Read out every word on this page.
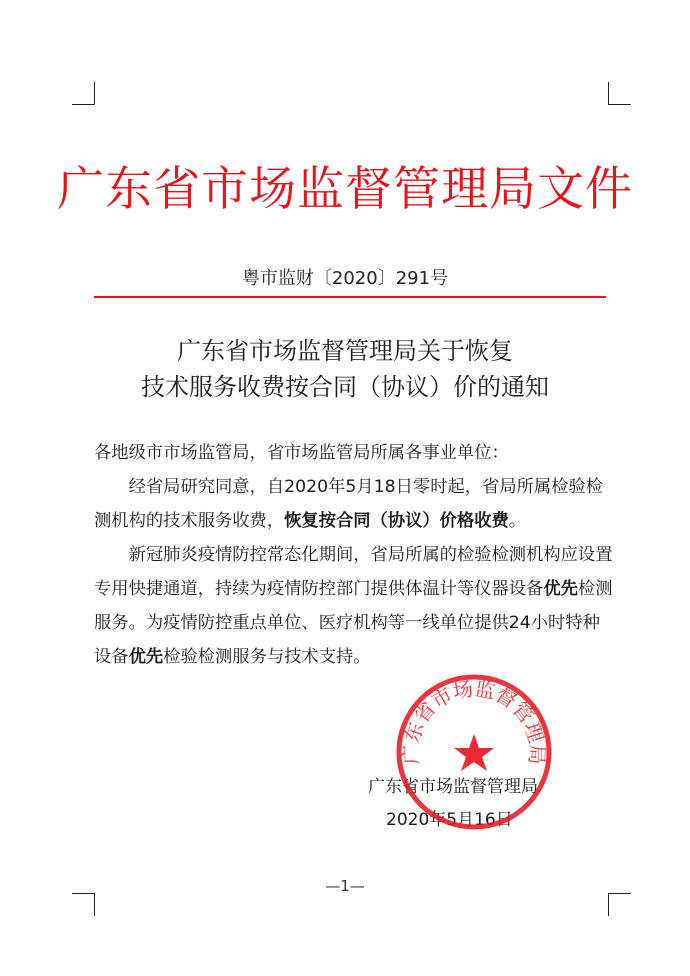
广东省市场监督管理局文件
粤市监财〔2020〕291号
广东省市场监督管理局关于恢复
技术服务收费按合同（协议）价的通知

各地级市市场监管局，省市场监管局所属各事业单位：

经省局研究同意，自2020年5月18日零时起，省局所属检验检测机构的技术服务收费，恢复按合同（协议）价格收费。

新冠肺炎疫情防控常态化期间，省局所属的检验检测机构应设置专用快捷通道，持续为疫情防控部门提供体温计等仪器设备优先检测服务。为疫情防控重点单位、医疗机构等一线单位提供24小时特种设备优先检验检测服务与技术支持。

广东省市场监督管理局
2020年5月16日
广东省市场监督管理局
—1—
